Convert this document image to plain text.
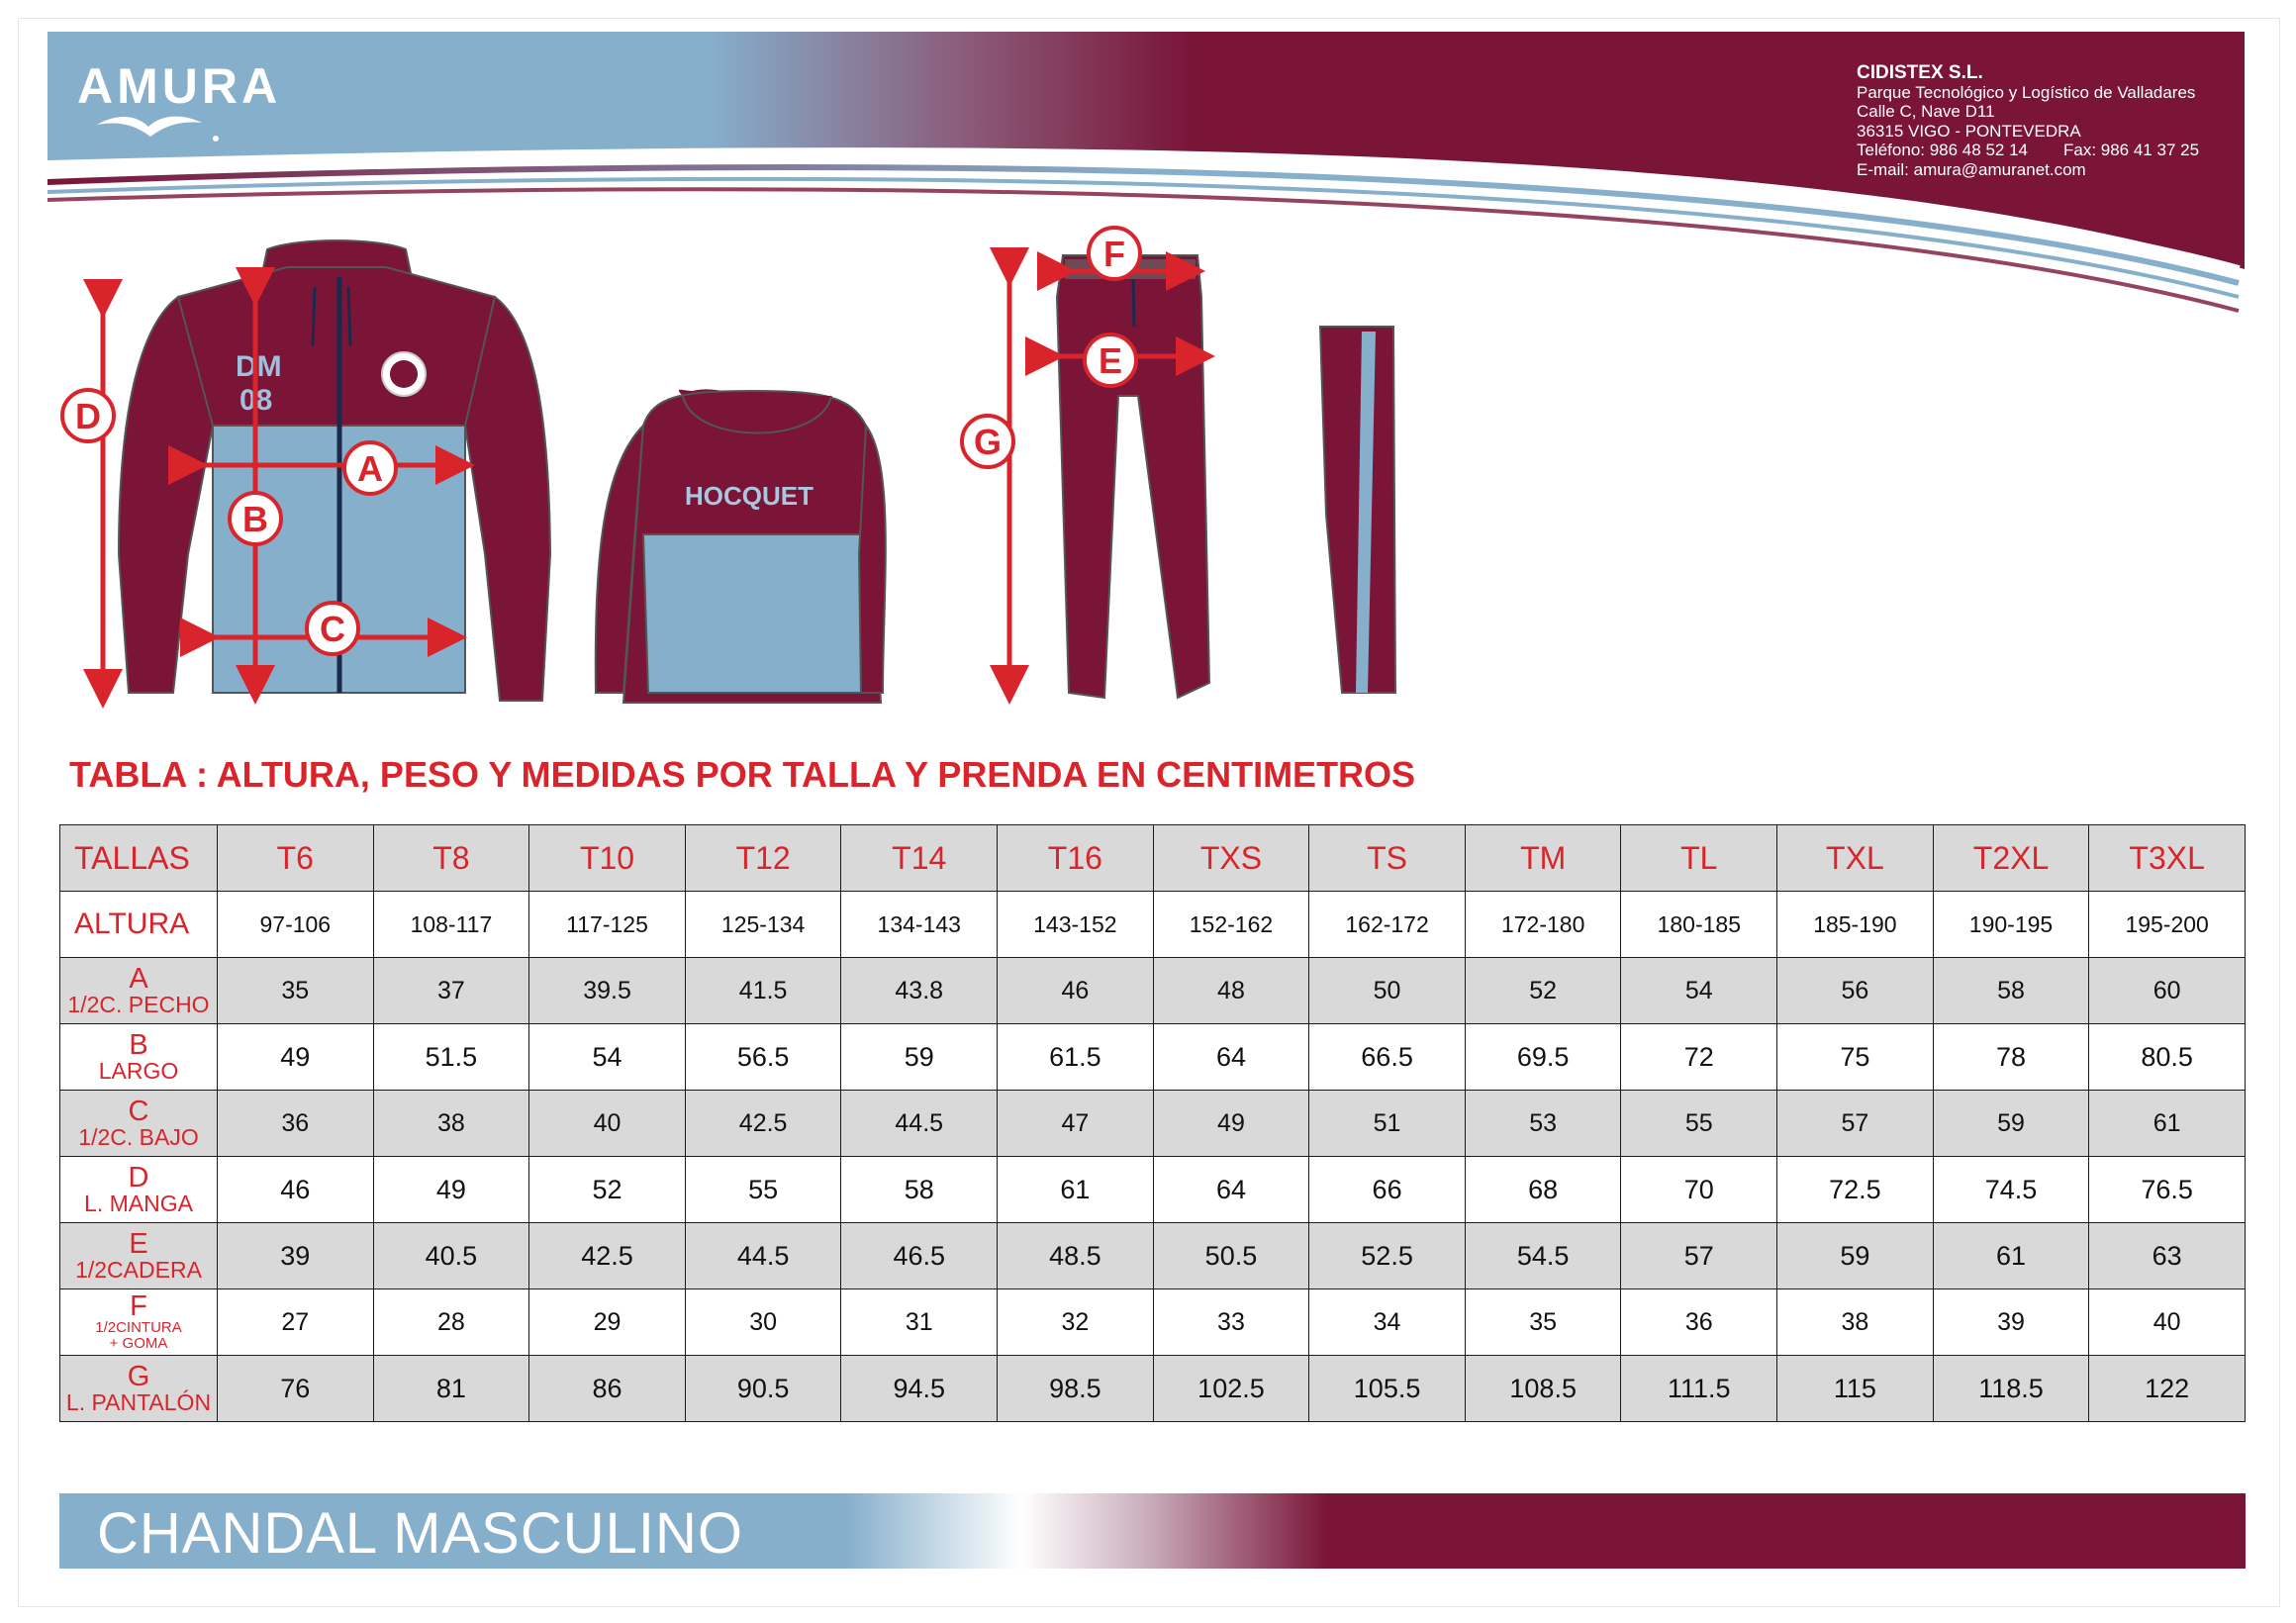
AMURA	CIDISTEX S.L.
Parque Tecnológico y Logístico de Valladares
Calle C, Nave D11
36315 VIGO - PONTEVEDRA
Teléfono: 986 48 52 14 Fax: 986 41 37 25
E-mail: amura@amuranet.com
DM
08
HOCQUET
A
B
C
D
E
F
G
TABLA : ALTURA, PESO Y MEDIDAS POR TALLA Y PRENDA EN CENTIMETROS
TALLAS	T6	T8	T10	T12	T14	T16	TXS	TS	TM	TL	TXL	T2XL	T3XL
ALTURA	97-106	108-117	117-125	125-134	134-143	143-152	152-162	162-172	172-180	180-185	185-190	190-195	195-200

A
1/2C. PECHO	35	37	39.5	41.5	43.8	46	48	50	52	54	56	58	60

B
LARGO	49	51.5	54	56.5	59	61.5	64	66.5	69.5	72	75	78	80.5

C
1/2C. BAJO	36	38	40	42.5	44.5	47	49	51	53	55	57	59	61

D
L. MANGA	46	49	52	55	58	61	64	66	68	70	72.5	74.5	76.5

E
1/2CADERA	39	40.5	42.5	44.5	46.5	48.5	50.5	52.5	54.5	57	59	61	63

F
1/2CINTURA
+ GOMA	27	28	29	30	31	32	33	34	35	36	38	39	40

G
L. PANTALÓN	76	81	86	90.5	94.5	98.5	102.5	105.5	108.5	111.5	115	118.5	122
CHANDAL MASCULINO
